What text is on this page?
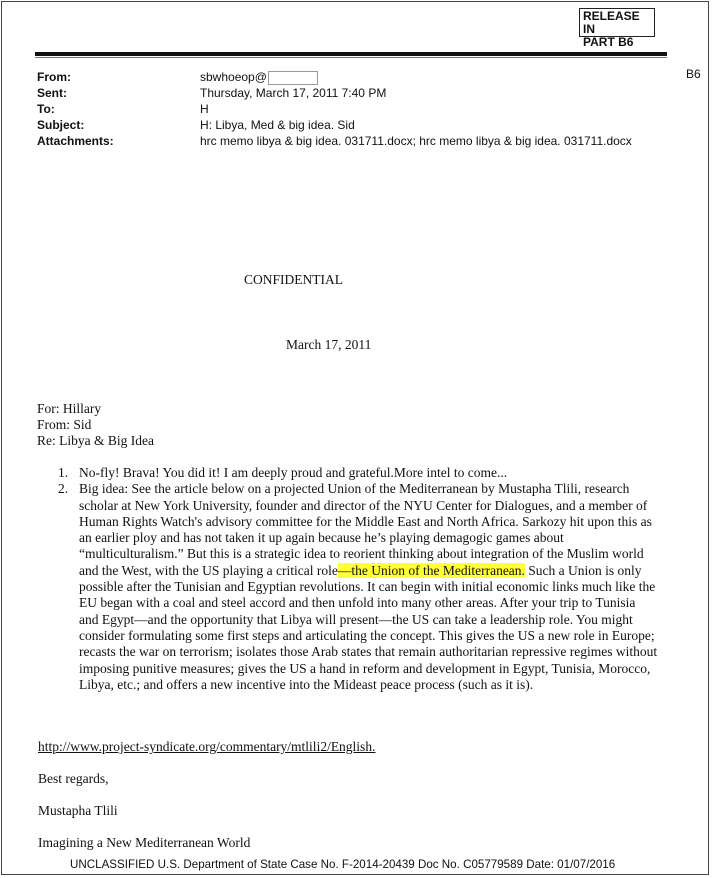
RELEASE IN
PART B6
B6
From:	sbwhoeop@
Sent:	Thursday, March 17, 2011 7:40 PM
To:	H
Subject:	H: Libya, Med & big idea. Sid
Attachments:	hrc memo libya & big idea. 031711.docx; hrc memo libya & big idea. 031711.docx
CONFIDENTIAL
March 17, 2011
For: Hillary
From: Sid
Re: Libya & Big Idea
1. No-fly! Brava! You did it! I am deeply proud and grateful.More intel to come...
2. Big idea: See the article below on a projected Union of the Mediterranean by Mustapha Tlili, research scholar at New York University, founder and director of the NYU Center for Dialogues, and a member of Human Rights Watch's advisory committee for the Middle East and North Africa. Sarkozy hit upon this as an earlier ploy and has not taken it up again because he’s playing demagogic games about “multiculturalism.” But this is a strategic idea to reorient thinking about integration of the Muslim world and the West, with the US playing a critical role—the Union of the Mediterranean. Such a Union is only possible after the Tunisian and Egyptian revolutions. It can begin with initial economic links much like the EU began with a coal and steel accord and then unfold into many other areas. After your trip to Tunisia and Egypt—and the opportunity that Libya will present—the US can take a leadership role. You might consider formulating some first steps and articulating the concept. This gives the US a new role in Europe; recasts the war on terrorism; isolates those Arab states that remain authoritarian repressive regimes without imposing punitive measures; gives the US a hand in reform and development in Egypt, Tunisia, Morocco, Libya, etc.; and offers a new incentive into the Mideast peace process (such as it is).
http://www.project-syndicate.org/commentary/mtlili2/English.
Best regards,
Mustapha Tlili
Imagining a New Mediterranean World
UNCLASSIFIED U.S. Department of State Case No. F-2014-20439 Doc No. C05779589 Date: 01/07/2016
